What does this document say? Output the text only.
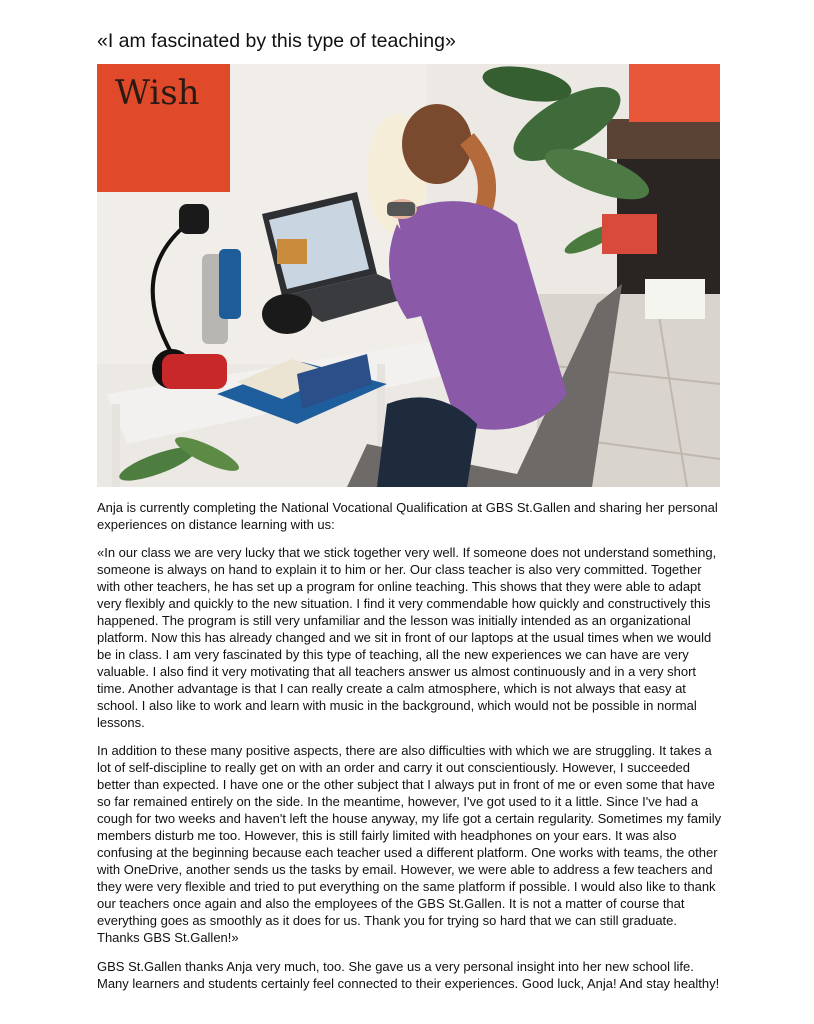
«I am fascinated by this type of teaching»
Wish

Anja is currently completing the National Vocational Qualification at GBS St.Gallen and sharing her personal experiences on distance learning with us:

«In our class we are very lucky that we stick together very well. If someone does not understand something, someone is always on hand to explain it to him or her. Our class teacher is also very committed. Together with other teachers, he has set up a program for online teaching. This shows that they were able to adapt very flexibly and quickly to the new situation. I find it very commendable how quickly and constructively this happened. The program is still very unfamiliar and the lesson was initially intended as an organizational platform. Now this has already changed and we sit in front of our laptops at the usual times when we would be in class. I am very fascinated by this type of teaching, all the new experiences we can have are very valuable. I also find it very motivating that all teachers answer us almost continuously and in a very short time. Another advantage is that I can really create a calm atmosphere, which is not always that easy at school. I also like to work and learn with music in the background, which would not be possible in normal lessons.

In addition to these many positive aspects, there are also difficulties with which we are struggling. It takes a lot of self-discipline to really get on with an order and carry it out conscientiously. However, I succeeded better than expected. I have one or the other subject that I always put in front of me or even some that have so far remained entirely on the side. In the meantime, however, I've got used to it a little. Since I've had a cough for two weeks and haven't left the house anyway, my life got a certain regularity. Sometimes my family members disturb me too. However, this is still fairly limited with headphones on your ears. It was also confusing at the beginning because each teacher used a different platform. One works with teams, the other with OneDrive, another sends us the tasks by email. However, we were able to address a few teachers and they were very flexible and tried to put everything on the same platform if possible. I would also like to thank our teachers once again and also the employees of the GBS St.Gallen. It is not a matter of course that everything goes as smoothly as it does for us. Thank you for trying so hard that we can still graduate. Thanks GBS St.Gallen!»

GBS St.Gallen thanks Anja very much, too. She gave us a very personal insight into her new school life. Many learners and students certainly feel connected to their experiences. Good luck, Anja! And stay healthy!
